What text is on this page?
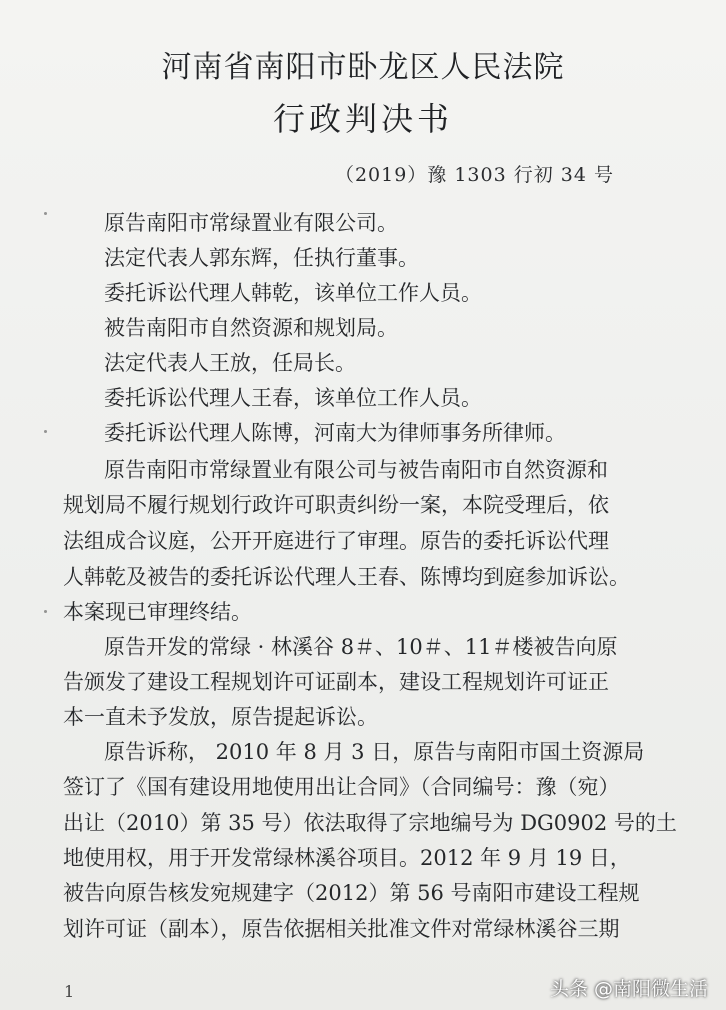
河南省南阳市卧龙区人民法院
行政判决书
（2019）豫 1303 行初 34 号
原告南阳市常绿置业有限公司。
法定代表人郭东辉，任执行董事。
委托诉讼代理人韩乾，该单位工作人员。
被告南阳市自然资源和规划局。
法定代表人王放，任局长。
委托诉讼代理人王春，该单位工作人员。
委托诉讼代理人陈博，河南大为律师事务所律师。
原告南阳市常绿置业有限公司与被告南阳市自然资源和
规划局不履行规划行政许可职责纠纷一案，本院受理后，依
法组成合议庭，公开开庭进行了审理。原告的委托诉讼代理
人韩乾及被告的委托诉讼代理人王春、陈博均到庭参加诉讼。
本案现已审理终结。
原告开发的常绿 · 林溪谷 8＃、10＃、11＃楼被告向原
告颁发了建设工程规划许可证副本，建设工程规划许可证正
本一直未予发放，原告提起诉讼。
原告诉称， 2010 年 8 月 3 日，原告与南阳市国土资源局
签订了《国有建设用地使用出让合同》（合同编号：豫（宛）
出让（2010）第 35 号）依法取得了宗地编号为 DG0902 号的土
地使用权，用于开发常绿林溪谷项目。2012 年 9 月 19 日，
被告向原告核发宛规建字（2012）第 56 号南阳市建设工程规
划许可证（副本），原告依据相关批准文件对常绿林溪谷三期
1	头条 @南阳微生活
